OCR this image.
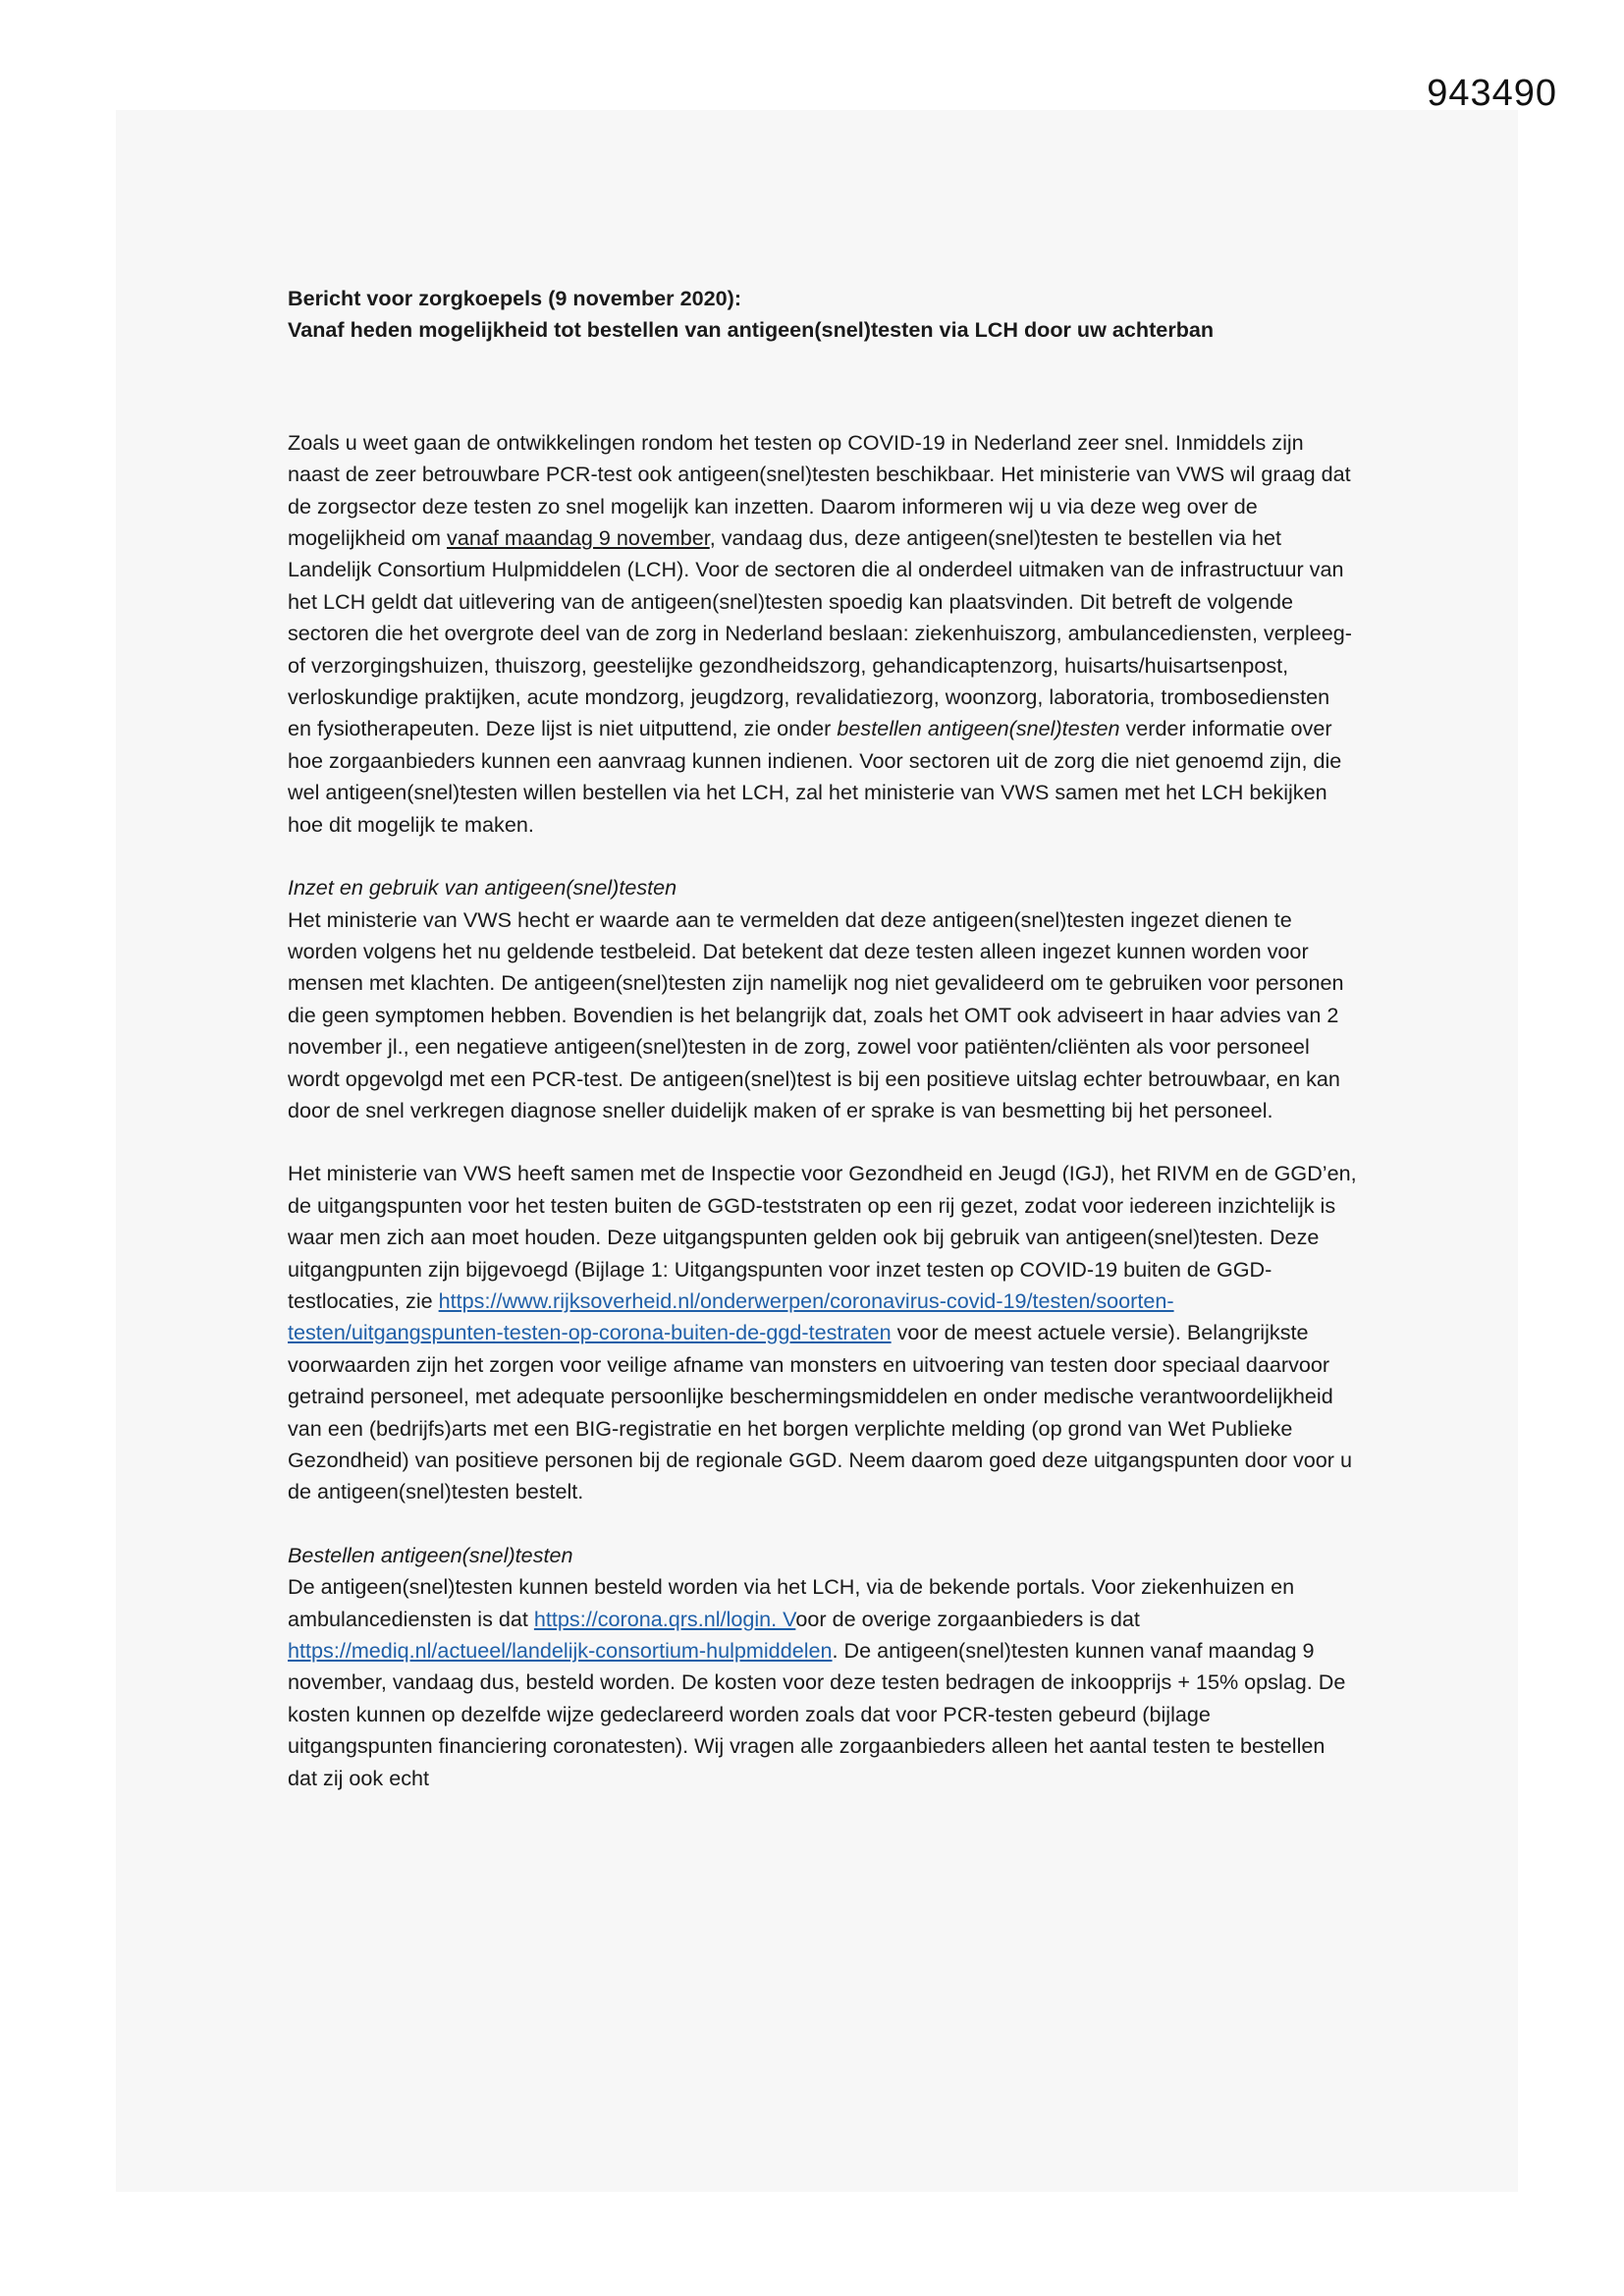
943490

Bericht voor zorgkoepels (9 november 2020):

Vanaf heden mogelijkheid tot bestellen van antigeen(snel)testen via LCH door uw achterban

Zoals u weet gaan de ontwikkelingen rondom het testen op COVID-19 in Nederland zeer snel. Inmiddels zijn naast de zeer betrouwbare PCR-test ook antigeen(snel)testen beschikbaar. Het ministerie van VWS wil graag dat de zorgsector deze testen zo snel mogelijk kan inzetten. Daarom informeren wij u via deze weg over de mogelijkheid om vanaf maandag 9 november, vandaag dus, deze antigeen(snel)testen te bestellen via het Landelijk Consortium Hulpmiddelen (LCH). Voor de sectoren die al onderdeel uitmaken van de infrastructuur van het LCH geldt dat uitlevering van de antigeen(snel)testen spoedig kan plaatsvinden. Dit betreft de volgende sectoren die het overgrote deel van de zorg in Nederland beslaan: ziekenhuiszorg, ambulancediensten, verpleeg- of verzorgingshuizen, thuiszorg, geestelijke gezondheidszorg, gehandicaptenzorg, huisarts/huisartsenpost, verloskundige praktijken, acute mondzorg, jeugdzorg, revalidatiezorg, woonzorg, laboratoria, trombosediensten en fysiotherapeuten. Deze lijst is niet uitputtend, zie onder bestellen antigeen(snel)testen verder informatie over hoe zorgaanbieders kunnen een aanvraag kunnen indienen. Voor sectoren uit de zorg die niet genoemd zijn, die wel antigeen(snel)testen willen bestellen via het LCH, zal het ministerie van VWS samen met het LCH bekijken hoe dit mogelijk te maken.

Inzet en gebruik van antigeen(snel)testen

Het ministerie van VWS hecht er waarde aan te vermelden dat deze antigeen(snel)testen ingezet dienen te worden volgens het nu geldende testbeleid. Dat betekent dat deze testen alleen ingezet kunnen worden voor mensen met klachten. De antigeen(snel)testen zijn namelijk nog niet gevalideerd om te gebruiken voor personen die geen symptomen hebben. Bovendien is het belangrijk dat, zoals het OMT ook adviseert in haar advies van 2 november jl., een negatieve antigeen(snel)testen in de zorg, zowel voor patiënten/cliënten als voor personeel wordt opgevolgd met een PCR-test. De antigeen(snel)test is bij een positieve uitslag echter betrouwbaar, en kan door de snel verkregen diagnose sneller duidelijk maken of er sprake is van besmetting bij het personeel.

Het ministerie van VWS heeft samen met de Inspectie voor Gezondheid en Jeugd (IGJ), het RIVM en de GGD’en, de uitgangspunten voor het testen buiten de GGD-teststraten op een rij gezet, zodat voor iedereen inzichtelijk is waar men zich aan moet houden. Deze uitgangspunten gelden ook bij gebruik van antigeen(snel)testen. Deze uitgangpunten zijn bijgevoegd (Bijlage 1: Uitgangspunten voor inzet testen op COVID-19 buiten de GGD-testlocaties, zie https://www.rijksoverheid.nl/onderwerpen/coronavirus-covid-19/testen/soorten-testen/uitgangspunten-testen-op-corona-buiten-de-ggd-testraten voor de meest actuele versie). Belangrijkste voorwaarden zijn het zorgen voor veilige afname van monsters en uitvoering van testen door speciaal daarvoor getraind personeel, met adequate persoonlijke beschermingsmiddelen en onder medische verantwoordelijkheid van een (bedrijfs)arts met een BIG-registratie en het borgen verplichte melding (op grond van Wet Publieke Gezondheid) van positieve personen bij de regionale GGD. Neem daarom goed deze uitgangspunten door voor u de antigeen(snel)testen bestelt.

Bestellen antigeen(snel)testen

De antigeen(snel)testen kunnen besteld worden via het LCH, via de bekende portals. Voor ziekenhuizen en ambulancediensten is dat https://corona.qrs.nl/login. Voor de overige zorgaanbieders is dat https://mediq.nl/actueel/landelijk-consortium-hulpmiddelen. De antigeen(snel)testen kunnen vanaf maandag 9 november, vandaag dus, besteld worden. De kosten voor deze testen bedragen de inkoopprijs + 15% opslag. De kosten kunnen op dezelfde wijze gedeclareerd worden zoals dat voor PCR-testen gebeurd (bijlage uitgangspunten financiering coronatesten). Wij vragen alle zorgaanbieders alleen het aantal testen te bestellen dat zij ook echt
